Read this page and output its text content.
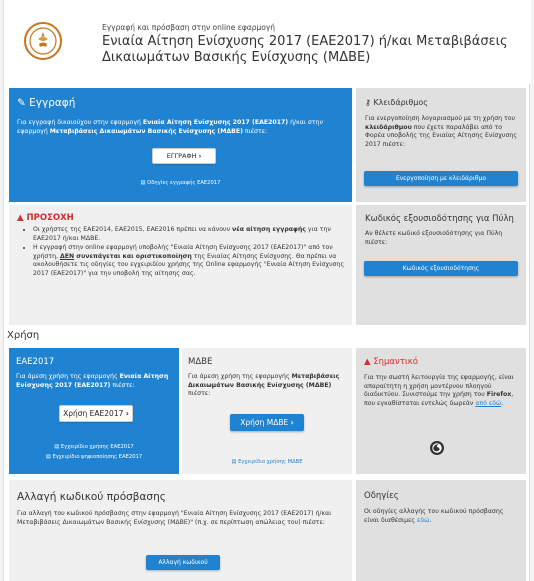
Εγγραφή και πρόσβαση στην online εφαρμογή
Ενιαία Αίτηση Ενίσχυσης 2017 (ΕΑΕ2017) ή/και Μεταβιβάσεις Δικαιωμάτων Βασικής Ενίσχυσης (ΜΔΒΕ)
✎ Εγγραφή
Για εγγραφή δικαιούχου στην εφαρμογή Ενιαία Αίτηση Ενίσχυσης 2017 (ΕΑΕ2017) ή/και στην εφαρμογή Μεταβιβάσεις Δικαιωμάτων Βασικής Ενίσχυσης (ΜΔΒΕ) πιέστε:
ΕΓΓΡΑΦΗ
›
▤ Οδηγίες εγγραφής ΕΑΕ2017
⚷ Κλειδάριθμος
Για ενεργοποίηση λογαριασμού με τη χρήση του κλειδάριθμου που έχετε παραλάβει από το Φορέα υποβολής της Ενιαίας Αίτησης Ενίσχυσης 2017 πιέστε:
Ενεργοποίηση με κλειδάριθμο
▲ ΠΡΟΣΟΧΗ
• Οι χρήστες της ΕΑΕ2014, ΕΑΕ2015, ΕΑΕ2016 πρέπει να κάνουν νέα αίτηση εγγραφής για την ΕΑΕ2017 ή/και ΜΔΒΕ.
• Η εγγραφή στην online εφαρμογή υποβολής "Ενιαία Αίτηση Ενίσχυσης 2017 (ΕΑΕ2017)" από τον χρήστη, ΔΕΝ συνεπάγεται και οριστικοποίηση της Ενιαίας Αίτησης Ενίσχυσης. Θα πρέπει να ακολουθήσετε τις οδηγίες του εγχειριδίου χρήσης της Online εφαρμογής "Ενιαία Αίτηση Ενίσχυσης 2017 (ΕΑΕ2017)" για την υποβολή της αίτησης σας.
Κωδικός εξουσιοδότησης για Πύλη
Αν θέλετε κωδικό εξουσιοδότησης για Πύλη πιέστε:
Κωδικός εξουσιοδότησης
Χρήση
ΕΑΕ2017
Για άμεση χρήση της εφαρμογής Ενιαία Αίτηση Ενίσχυσης 2017 (ΕΑΕ2017) πιέστε:
Χρήση ΕΑΕ2017
›
▤ Εγχειρίδιο χρήσης ΕΑΕ2017
▤ Εγχειρίδιο ψηφιοποίησης ΕΑΕ2017
ΜΔΒΕ
Για άμεση χρήση της εφαρμογής Μεταβιβάσεις Δικαιωμάτων Βασικής Ενίσχυσης (ΜΔΒΕ) πιέστε:
Χρήση ΜΔΒΕ
›
▤ Εγχειρίδιο χρήσης ΜΔΒΕ
▲ Σημαντικό
Για την σωστή λειτουργία της εφαρμογής, είναι απαραίτητη η χρήση μοντέρνου πλοηγού διαδικτύου. Συνιστούμε την χρήση του Firefox, που εγκαθίσταται εντελώς δωρεάν από εδώ.
Αλλαγή κωδικού πρόσβασης
Για αλλαγή του κωδικού πρόσβασης στην εφαρμογή "Ενιαία Αίτηση Ενίσχυσης 2017 (ΕΑΕ2017) ή/και Μεταβιβάσεις Δικαιωμάτων Βασικής Ενίσχυσης (ΜΔΒΕ)" (π.χ. σε περίπτωση απώλειας του) πιέστε:
Αλλαγή κωδικού
Οδηγίες
Οι οδηγίες αλλαγής του κωδικού πρόσβασης είναι διαθέσιμες εδώ.
